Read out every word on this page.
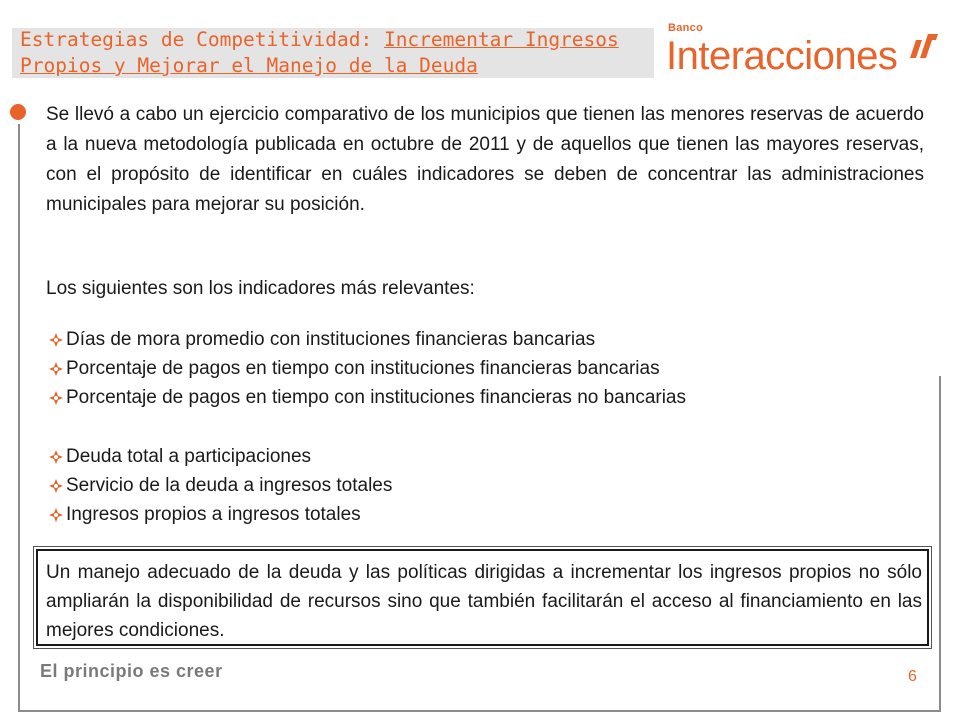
Estrategias de Competitividad: Incrementar Ingresos
Propios y Mejorar el Manejo de la Deuda
Banco
Interacciones

Se llevó a cabo un ejercicio comparativo de los municipios que tienen las menores reservas de acuerdo a la nueva metodología publicada en octubre de 2011 y de aquellos que tienen las mayores reservas, con el propósito de identificar en cuáles indicadores se deben de concentrar las administraciones municipales para mejorar su posición.

Los siguientes son los indicadores más relevantes:

Días de mora promedio con instituciones financieras bancarias
Porcentaje de pagos en tiempo con instituciones financieras bancarias
Porcentaje de pagos en tiempo con instituciones financieras no bancarias
Deuda total a participaciones
Servicio de la deuda a ingresos totales
Ingresos propios a ingresos totales

Un manejo adecuado de la deuda y las políticas dirigidas a incrementar los ingresos propios no sólo ampliarán la disponibilidad de recursos sino que también facilitarán el acceso al financiamiento en las mejores condiciones.

El principio es creer	6
